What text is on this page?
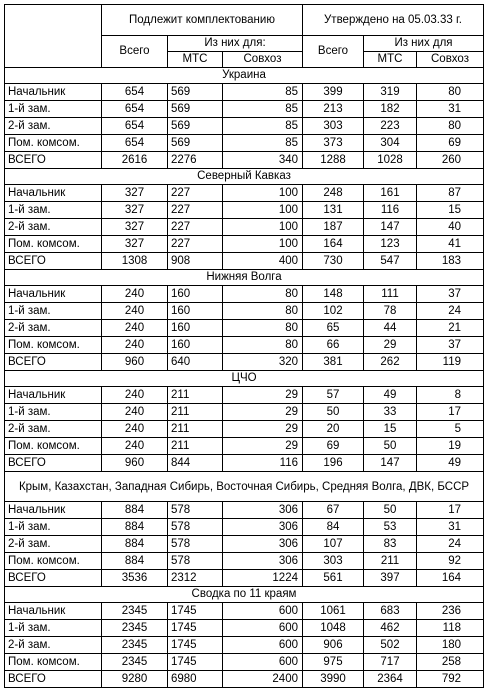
	Подлежит комплектованию			Утверждено на 05.03.33 г.		
	Всего	Из них для:		Всего	Из них для	
		МТС	Совхоз		МТС	Совхоз
Украина						
Начальник	654	569	85	399	319	80
1-й зам.	654	569	85	213	182	31
2-й зам.	654	569	85	303	223	80
Пом. комсом.	654	569	85	373	304	69
ВСЕГО	2616	2276	340	1288	1028	260
Северный Кавказ						
Начальник	327	227	100	248	161	87
1-й зам.	327	227	100	131	116	15
2-й зам.	327	227	100	187	147	40
Пом. комсом.	327	227	100	164	123	41
ВСЕГО	1308	908	400	730	547	183
Нижняя Волга						
Начальник	240	160	80	148	111	37
1-й зам.	240	160	80	102	78	24
2-й зам.	240	160	80	65	44	21
Пом. комсом.	240	160	80	66	29	37
ВСЕГО	960	640	320	381	262	119
ЦЧО						
Начальник	240	211	29	57	49	8
1-й зам.	240	211	29	50	33	17
2-й зам.	240	211	29	20	15	5
Пом. комсом.	240	211	29	69	50	19
ВСЕГО	960	844	116	196	147	49
Крым, Казахстан, Западная Сибирь, Восточная Сибирь, Средняя Волга, ДВК, БССР						
Начальник	884	578	306	67	50	17
1-й зам.	884	578	306	84	53	31
2-й зам.	884	578	306	107	83	24
Пом. комсом.	884	578	306	303	211	92
ВСЕГО	3536	2312	1224	561	397	164
Сводка по 11 краям						
Начальник	2345	1745	600	1061	683	236
1-й зам.	2345	1745	600	1048	462	118
2-й зам.	2345	1745	600	906	502	180
Пом. комсом.	2345	1745	600	975	717	258
ВСЕГО	9280	6980	2400	3990	2364	792
